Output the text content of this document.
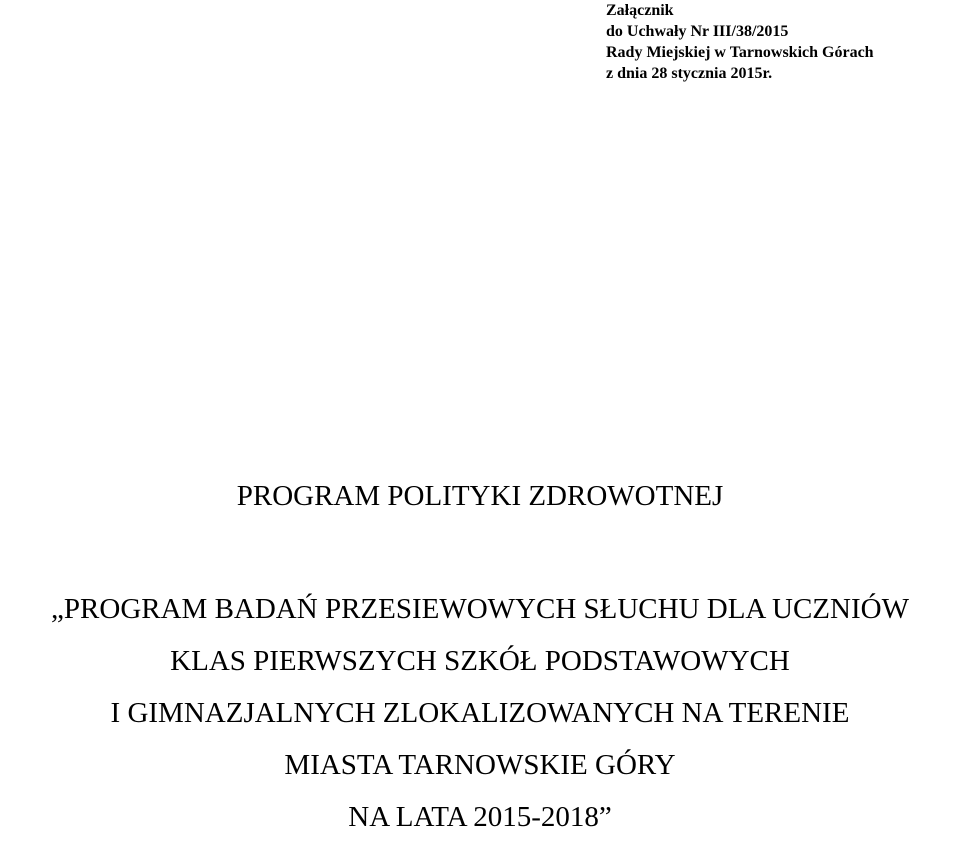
Załącznik
do Uchwały Nr III/38/2015
Rady Miejskiej w Tarnowskich Górach
z dnia 28 stycznia 2015r.
PROGRAM POLITYKI ZDROWOTNEJ
„PROGRAM BADAŃ PRZESIEWOWYCH SŁUCHU DLA UCZNIÓW
KLAS PIERWSZYCH SZKÓŁ PODSTAWOWYCH
I GIMNAZJALNYCH ZLOKALIZOWANYCH NA TERENIE
MIASTA TARNOWSKIE GÓRY
NA LATA 2015-2018”
